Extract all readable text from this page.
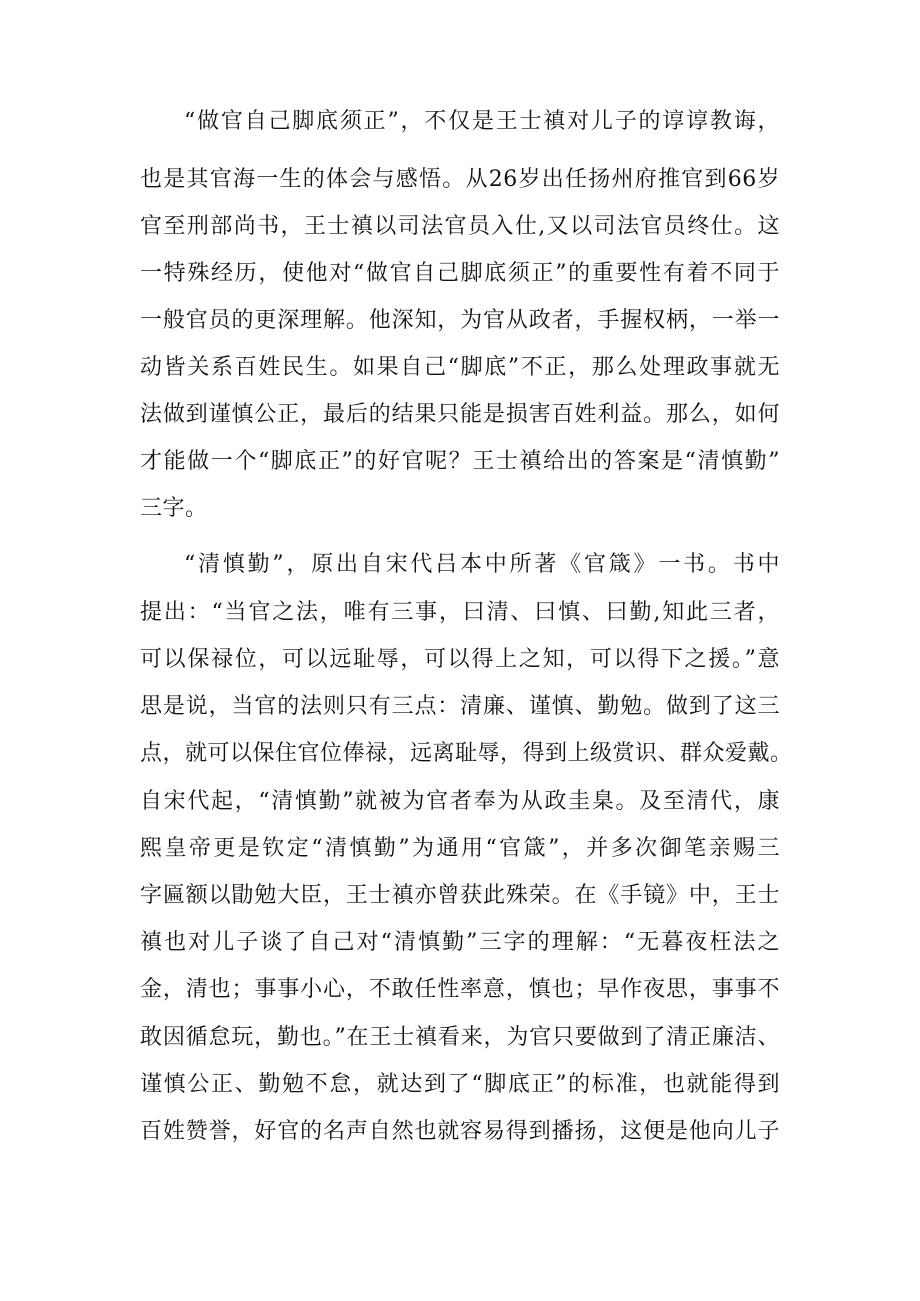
“做官自己脚底须正”，不仅是王士禛对儿子的谆谆教诲，
也是其官海一生的体会与感悟。从26岁出任扬州府推官到66岁
官至刑部尚书，王士禛以司法官员入仕,又以司法官员终仕。这
一特殊经历，使他对“做官自己脚底须正”的重要性有着不同于
一般官员的更深理解。他深知，为官从政者，手握权柄，一举一
动皆关系百姓民生。如果自己“脚底”不正，那么处理政事就无
法做到谨慎公正，最后的结果只能是损害百姓利益。那么，如何
才能做一个“脚底正”的好官呢？王士禛给出的答案是“清慎勤”
三字。
“清慎勤”，原出自宋代吕本中所著《官箴》一书。书中
提出：“当官之法，唯有三事，曰清、曰慎、曰勤,知此三者，
可以保禄位，可以远耻辱，可以得上之知，可以得下之援。”意
思是说，当官的法则只有三点：清廉、谨慎、勤勉。做到了这三
点，就可以保住官位俸禄，远离耻辱，得到上级赏识、群众爱戴。
自宋代起，“清慎勤”就被为官者奉为从政圭臬。及至清代，康
熙皇帝更是钦定“清慎勤”为通用“官箴”，并多次御笔亲赐三
字匾额以勖勉大臣，王士禛亦曾获此殊荣。在《手镜》中，王士
禛也对儿子谈了自己对“清慎勤”三字的理解：“无暮夜枉法之
金，清也；事事小心，不敢任性率意，慎也；早作夜思，事事不
敢因循怠玩，勤也。”在王士禛看来，为官只要做到了清正廉洁、
谨慎公正、勤勉不怠，就达到了“脚底正”的标准，也就能得到
百姓赞誉，好官的名声自然也就容易得到播扬，这便是他向儿子
